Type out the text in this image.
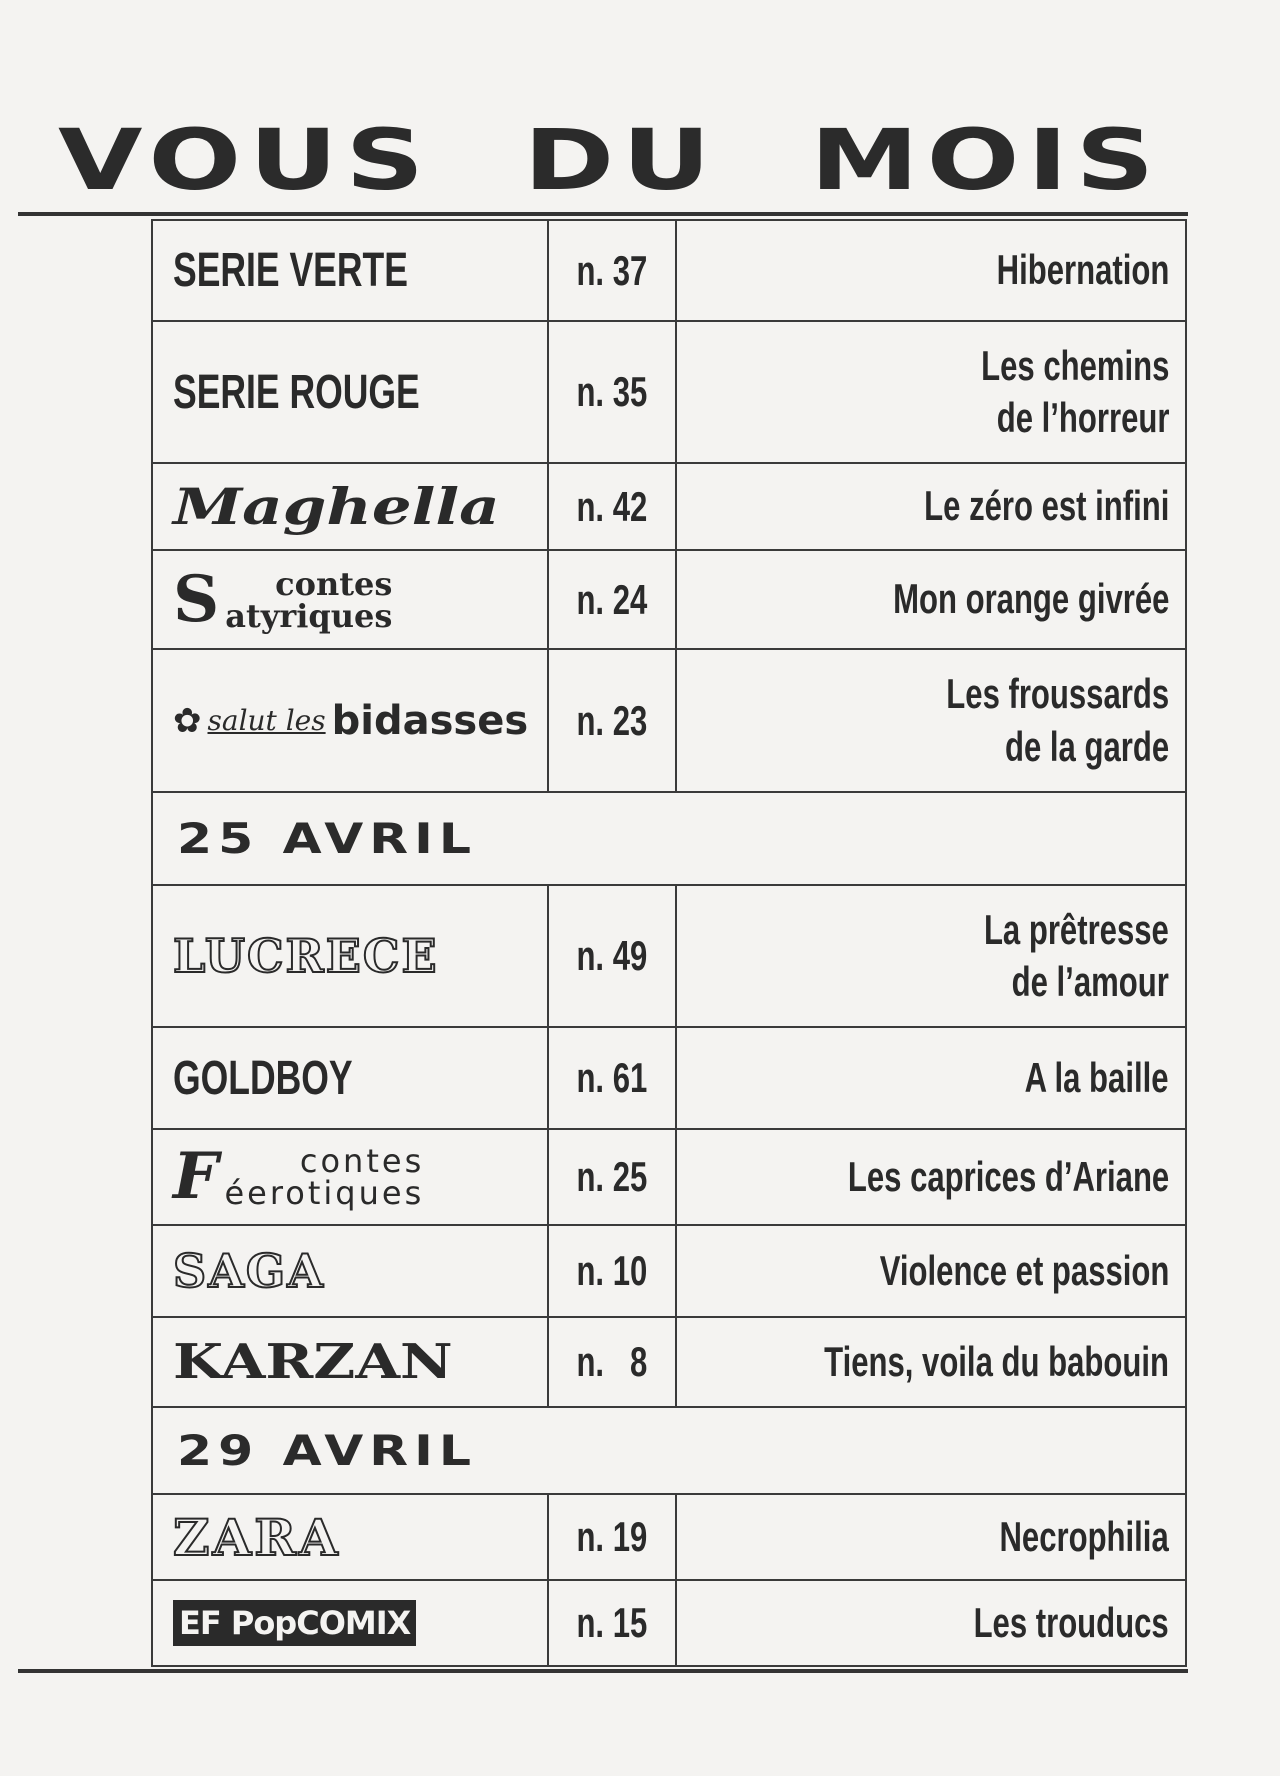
VOUS  DU  MOIS
SERIE VERTE	n. 37	Hibernation
SERIE ROUGE	n. 35	Les chemins
de l’horreur
Maghella	n. 42	Le zéro est infini

S contes
atyriques	n. 24	Mon orange givrée

✿ salut les bidasses	n. 23	Les froussards
de la garde
25 AVRIL		
LUCRECE	n. 49	La prêtresse
de l’amour
GOLDBOY	n. 61	A la baille

F contes
éerotiques	n. 25	Les caprices d’Ariane
SAGA	n. 10	Violence et passion
KARZAN	n.   8	Tiens, voila du babouin
29 AVRIL		
ZARA	n. 19	Necrophilia
EF PopCOMIX	n. 15	Les trouducs
